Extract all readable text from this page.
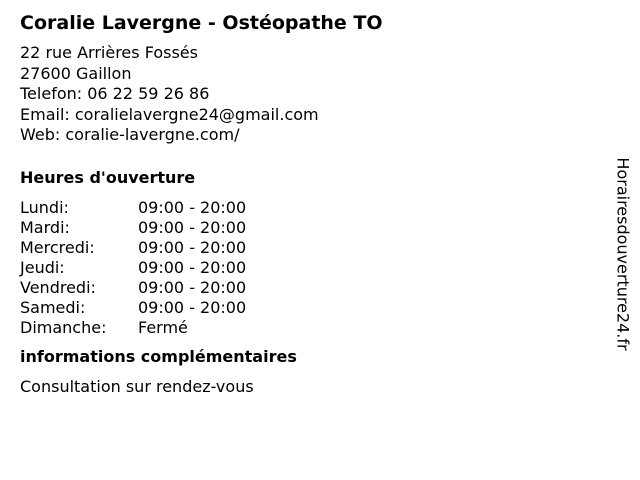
Coralie Lavergne - Ostéopathe TO
22 rue Arrières Fossés
27600 Gaillon
Telefon: 06 22 59 26 86
Email: coralielavergne24@gmail.com
Web: coralie-lavergne.com/
Heures d'ouverture
Lundi:	09:00 - 20:00
Mardi:	09:00 - 20:00
Mercredi:	09:00 - 20:00
Jeudi:	09:00 - 20:00
Vendredi:	09:00 - 20:00
Samedi:	09:00 - 20:00
Dimanche:	Fermé
informations complémentaires
Consultation sur rendez-vous
Horairesdouverture24.fr
